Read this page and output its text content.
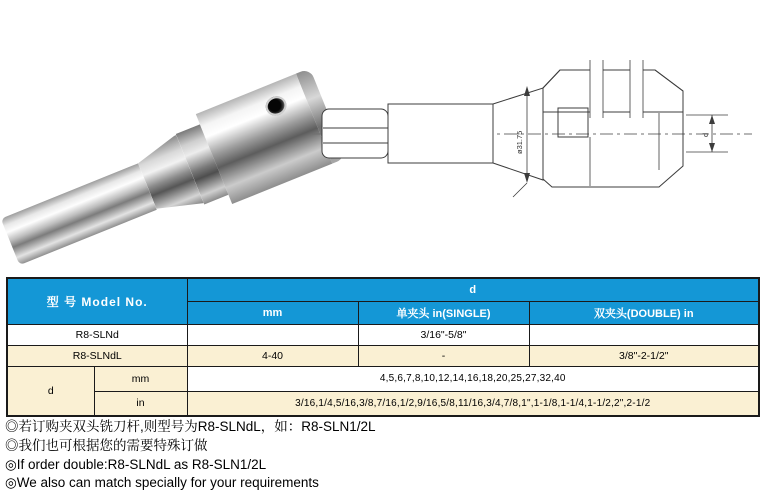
ø31.75	d
型 号 Model No.		d		
		mm	单夹头 in(SINGLE)	双夹头(DOUBLE) in
R8-SLNd			3/16"-5/8"	
R8-SLNdL		4-40	-	3/8"-2-1/2"
d	mm	4,5,6,7,8,10,12,14,16,18,20,25,27,32,40		
	in	3/16,1/4,5/16,3/8,7/16,1/2,9/16,5/8,11/16,3/4,7/8,1",1-1/8,1-1/4,1-1/2,2",2-1/2		
◎若订购夹双头铣刀杆,则型号为R8-SLNdL，如：R8-SLN1/2L
◎我们也可根据您的需要特殊订做
◎If order double:R8-SLNdL as R8-SLN1/2L
◎We also can match specially for your requirements
